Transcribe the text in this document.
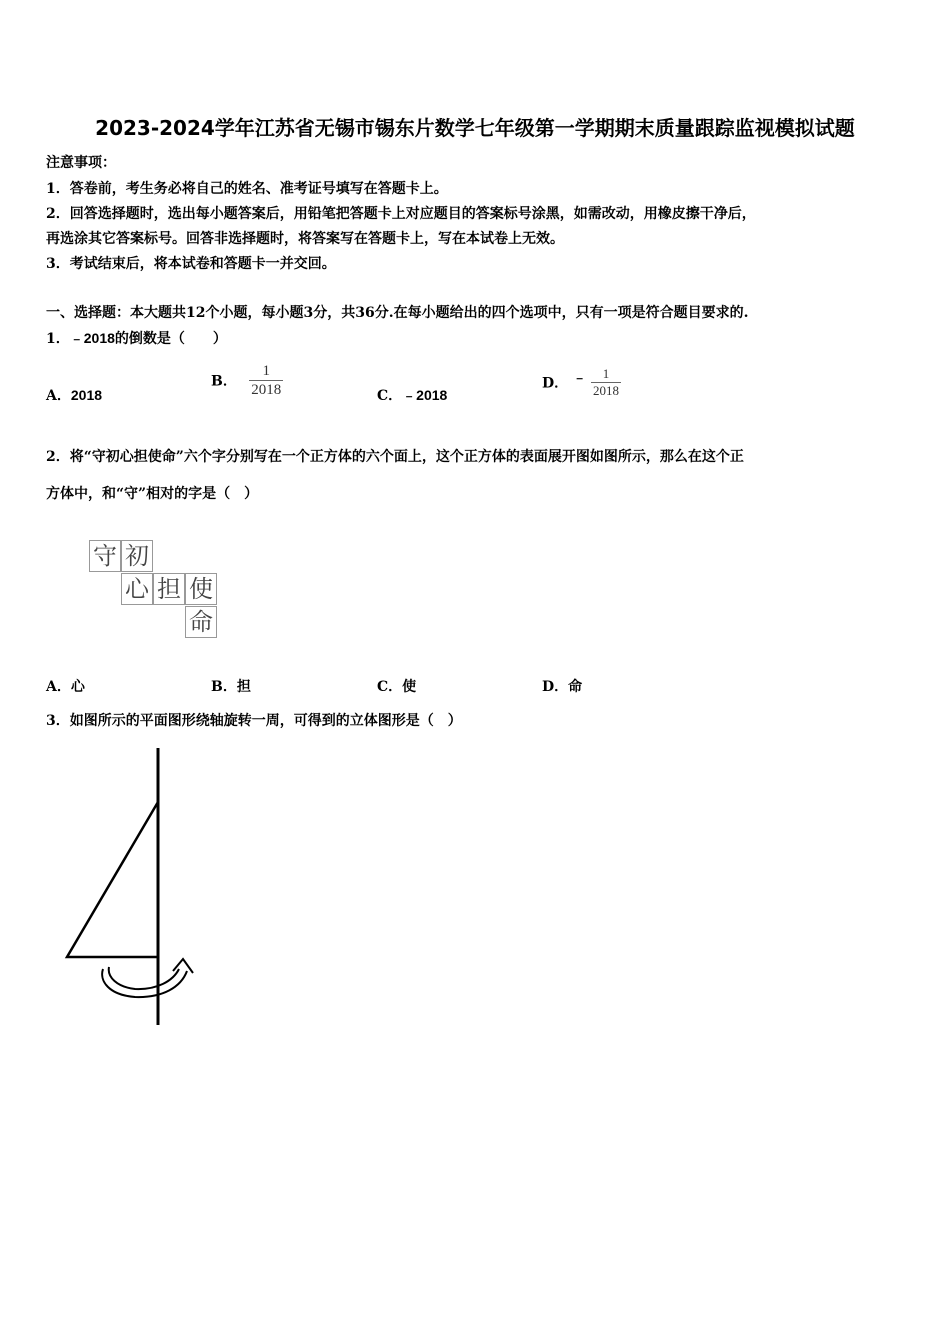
2023-2024学年江苏省无锡市锡东片数学七年级第一学期期末质量跟踪监视模拟试题
注意事项：
1．答卷前，考生务必将自己的姓名、准考证号填写在答题卡上。
2．回答选择题时，选出每小题答案后，用铅笔把答题卡上对应题目的答案标号涂黑，如需改动，用橡皮擦干净后，
再选涂其它答案标号。回答非选择题时，将答案写在答题卡上，写在本试卷上无效。
3．考试结束后，将本试卷和答题卡一并交回。
一、选择题：本大题共12个小题，每小题3分，共36分.在每小题给出的四个选项中，只有一项是符合题目要求的.
1．﹣2018的倒数是（　　）
A．2018
B． $\frac{1}{2018}$	C．﹣2018
D． ﹣ $\frac{1}{2018}$
2．将“守初心担使命”六个字分别写在一个正方体的六个面上，这个正方体的表面展开图如图所示，那么在这个正
方体中，和“守”相对的字是（　）
守 初
心 担 使
命
A．心	B．担	C．使	D．命
3．如图所示的平面图形绕轴旋转一周，可得到的立体图形是（　）
